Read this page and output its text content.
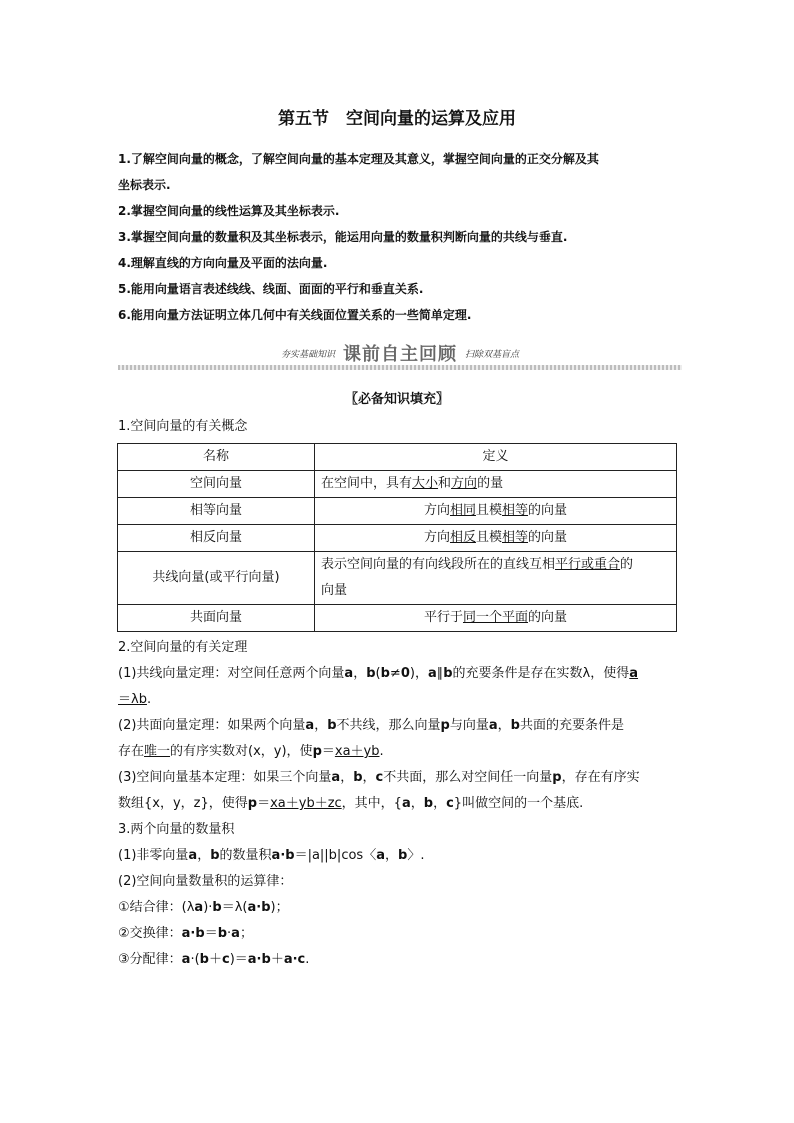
第五节　空间向量的运算及应用

1.了解空间向量的概念，了解空间向量的基本定理及其意义，掌握空间向量的正交分解及其

坐标表示.

2.掌握空间向量的线性运算及其坐标表示.

3.掌握空间向量的数量积及其坐标表示，能运用向量的数量积判断向量的共线与垂直.

4.理解直线的方向向量及平面的法向量.

5.能用向量语言表述线线、线面、面面的平行和垂直关系.

6.能用向量方法证明立体几何中有关线面位置关系的一些简单定理.

夯实基础知识 课前自主回顾 扫除双基盲点
〖必备知识填充〗
1.空间向量的有关概念
名称	定义
空间向量	在空间中，具有大小和方向的量
相等向量	方向相同且模相等的向量
相反向量	方向相反且模相等的向量
共线向量(或平行向量)	表示空间向量的有向线段所在的直线互相平行或重合的
向量
共面向量	平行于同一个平面的向量

2.空间向量的有关定理

(1)共线向量定理：对空间任意两个向量a，b(b≠0)，a∥b的充要条件是存在实数λ，使得a

＝λb.

(2)共面向量定理：如果两个向量a，b不共线，那么向量p与向量a，b共面的充要条件是

存在唯一的有序实数对(x，y)，使p＝xa＋yb.

(3)空间向量基本定理：如果三个向量a，b，c不共面，那么对空间任一向量p，存在有序实

数组{x，y，z}，使得p＝xa＋yb＋zc，其中，{a，b，c}叫做空间的一个基底.

3.两个向量的数量积

(1)非零向量a，b的数量积a·b＝|a||b|cos〈a，b〉.

(2)空间向量数量积的运算律：

①结合律：(λa)·b＝λ(a·b)；

②交换律：a·b＝b·a；

③分配律：a·(b＋c)＝a·b＋a·c.
